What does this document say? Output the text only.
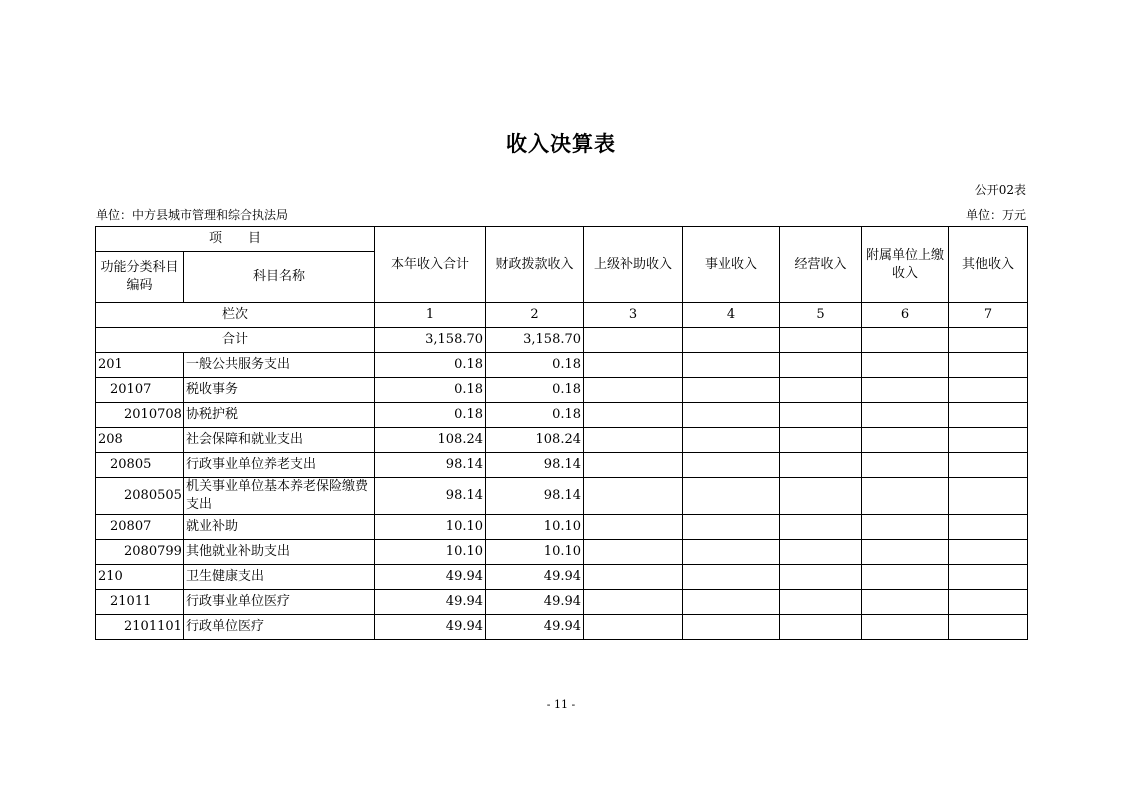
收入决算表
公开02表
单位：中方县城市管理和综合执法局	单位：万元
项　　目		本年收入合计	财政拨款收入	上级补助收入	事业收入	经营收入	附属单位上缴收入	其他收入
功能分类科目编码	科目名称							
栏次		1	2	3	4	5	6	7
合计		3,158.70	3,158.70					
201	一般公共服务支出	0.18	0.18					
20107	税收事务	0.18	0.18					
2010708	协税护税	0.18	0.18					
208	社会保障和就业支出	108.24	108.24					
20805	行政事业单位养老支出	98.14	98.14					
2080505	机关事业单位基本养老保险缴费支出	98.14	98.14					
20807	就业补助	10.10	10.10					
2080799	其他就业补助支出	10.10	10.10					
210	卫生健康支出	49.94	49.94					
21011	行政事业单位医疗	49.94	49.94					
2101101	行政单位医疗	49.94	49.94					
- 11 -
